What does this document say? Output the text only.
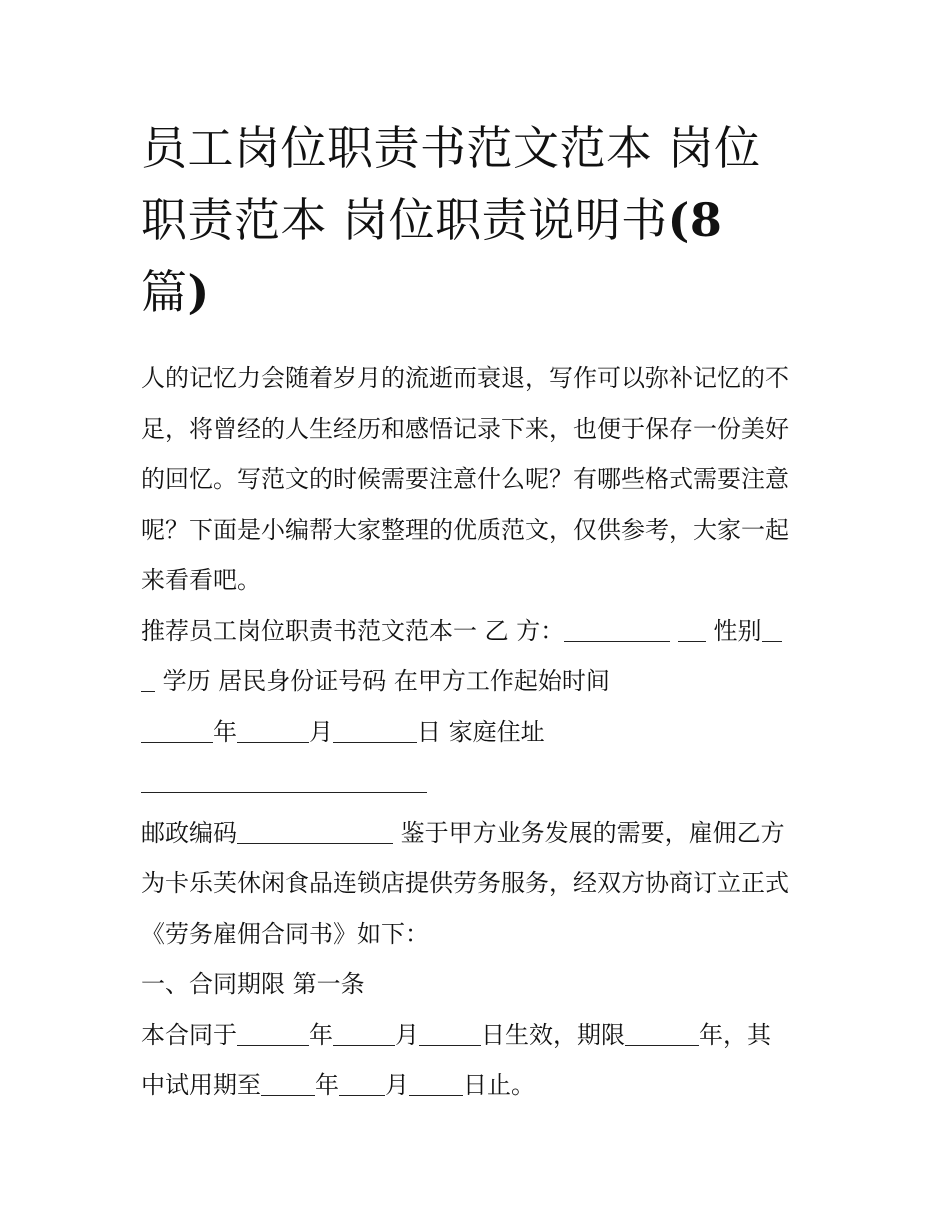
员工岗位职责书范文范本 岗位
职责范本 岗位职责说明书(8
篇)
人的记忆力会随着岁月的流逝而衰退，写作可以弥补记忆的不
足，将曾经的人生经历和感悟记录下来，也便于保存一份美好
的回忆。写范文的时候需要注意什么呢？有哪些格式需要注意
呢？下面是小编帮大家整理的优质范文，仅供参考，大家一起
来看看吧。
推荐员工岗位职责书范文范本一 乙 方：	性别
学历 居民身份证号码 在甲方工作起始时间
年	月	日 家庭住址
邮政编码	鉴于甲方业务发展的需要，雇佣乙方
为卡乐芙休闲食品连锁店提供劳务服务，经双方协商订立正式
《劳务雇佣合同书》如下：
一、合同期限 第一条
本合同于	年	月	日生效，期限	年，其
中试用期至 年 月 日止。
